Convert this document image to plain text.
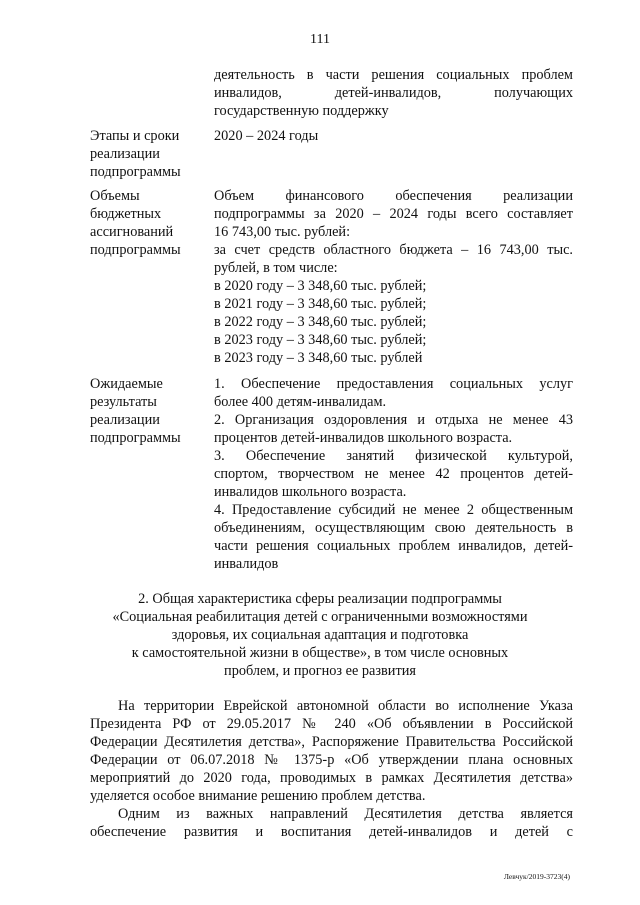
111
деятельность в части решения социальных проблем
инвалидов, детей-инвалидов, получающих
государственную поддержку
Этапы и сроки
реализации
подпрограммы
2020 – 2024 годы
Объемы
бюджетных
ассигнований
подпрограммы
Объем финансового обеспечения реализации
подпрограммы за 2020 – 2024 годы всего составляет
16 743,00 тыс. рублей:
за счет средств областного бюджета – 16 743,00 тыс.
рублей, в том числе:
в 2020 году – 3 348,60 тыс. рублей;
в 2021 году – 3 348,60 тыс. рублей;
в 2022 году – 3 348,60 тыс. рублей;
в 2023 году – 3 348,60 тыс. рублей;
в 2023 году – 3 348,60 тыс. рублей
Ожидаемые
результаты
реализации
подпрограммы
1. Обеспечение предоставления социальных услуг
более 400 детям-инвалидам.
2. Организация оздоровления и отдыха не менее 43
процентов детей-инвалидов школьного возраста.
3. Обеспечение занятий физической культурой,
спортом, творчеством не менее 42 процентов детей-
инвалидов школьного возраста.
4. Предоставление субсидий не менее 2 общественным
объединениям, осуществляющим свою деятельность в
части решения социальных проблем инвалидов, детей-
инвалидов
2. Общая характеристика сферы реализации подпрограммы
«Социальная реабилитация детей с ограниченными возможностями
здоровья, их социальная адаптация и подготовка
к самостоятельной жизни в обществе», в том числе основных
проблем, и прогноз ее развития
На территории Еврейской автономной области во исполнение Указа
Президента РФ от 29.05.2017 № 240 «Об объявлении в Российской
Федерации Десятилетия детства», Распоряжение Правительства Российской
Федерации от 06.07.2018 № 1375-р «Об утверждении плана основных
мероприятий до 2020 года, проводимых в рамках Десятилетия детства»
уделяется особое внимание решению проблем детства.
Одним из важных направлений Десятилетия детства является
обеспечение развития и воспитания детей-инвалидов и детей с
Левчук/2019-3723(4)
